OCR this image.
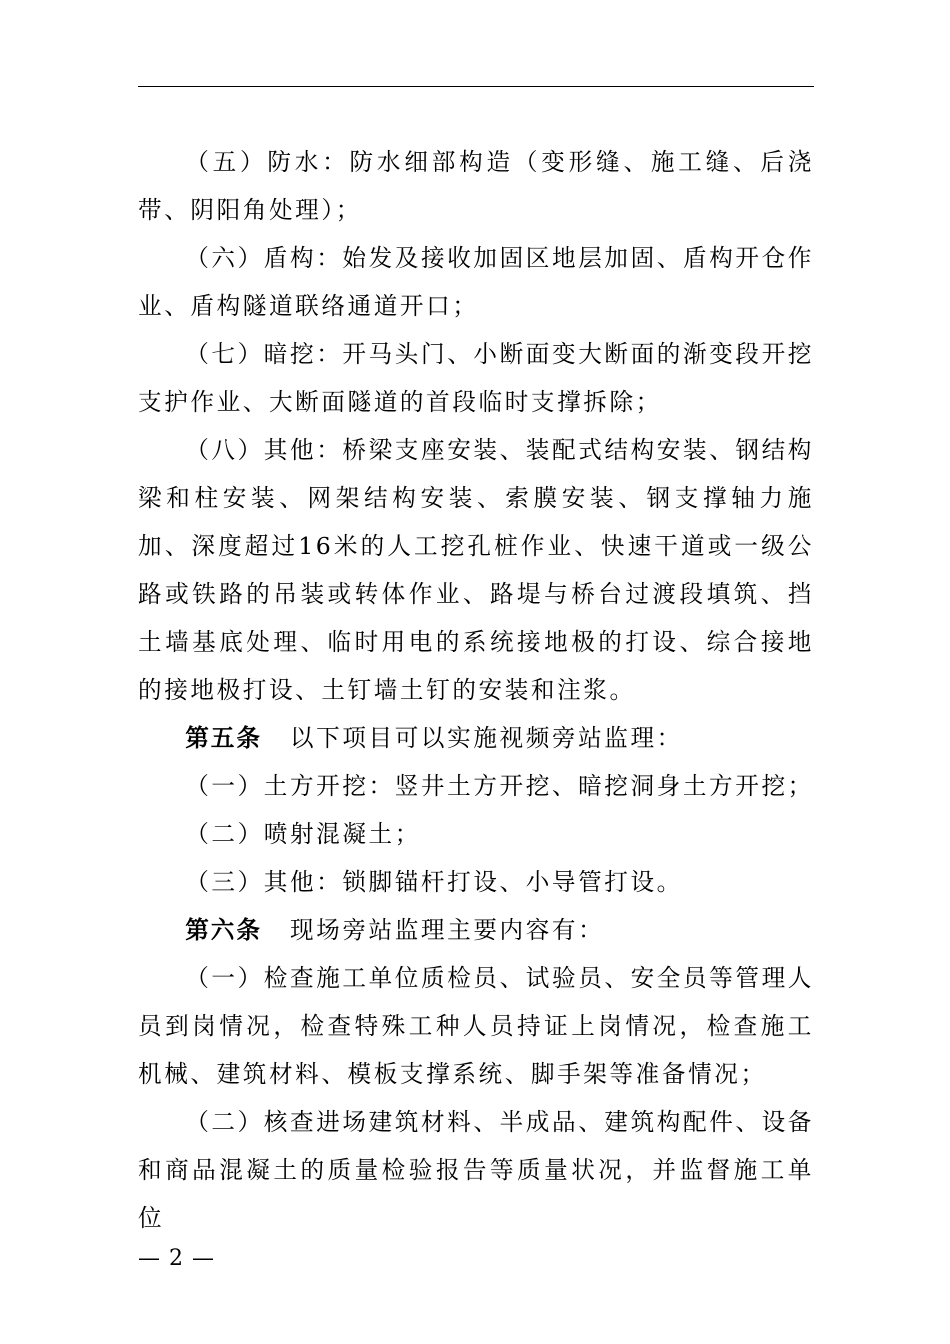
（五）防水：防水细部构造（变形缝、施工缝、后浇带、阴阳角处理）；

（六）盾构：始发及接收加固区地层加固、盾构开仓作业、盾构隧道联络通道开口；

（七）暗挖：开马头门、小断面变大断面的渐变段开挖支护作业、大断面隧道的首段临时支撑拆除；

（八）其他：桥梁支座安装、装配式结构安装、钢结构梁和柱安装、网架结构安装、索膜安装、钢支撑轴力施加、深度超过16米的人工挖孔桩作业、快速干道或一级公路或铁路的吊装或转体作业、路堤与桥台过渡段填筑、挡土墙基底处理、临时用电的系统接地极的打设、综合接地的接地极打设、土钉墙土钉的安装和注浆。

第五条 以下项目可以实施视频旁站监理：

（一）土方开挖：竖井土方开挖、暗挖洞身土方开挖；

（二）喷射混凝土；

（三）其他：锁脚锚杆打设、小导管打设。

第六条 现场旁站监理主要内容有：

（一）检查施工单位质检员、试验员、安全员等管理人员到岗情况，检查特殊工种人员持证上岗情况，检查施工机械、建筑材料、模板支撑系统、脚手架等准备情况；

（二）核查进场建筑材料、半成品、建筑构配件、设备和商品混凝土的质量检验报告等质量状况，并监督施工单位

— 2 —
